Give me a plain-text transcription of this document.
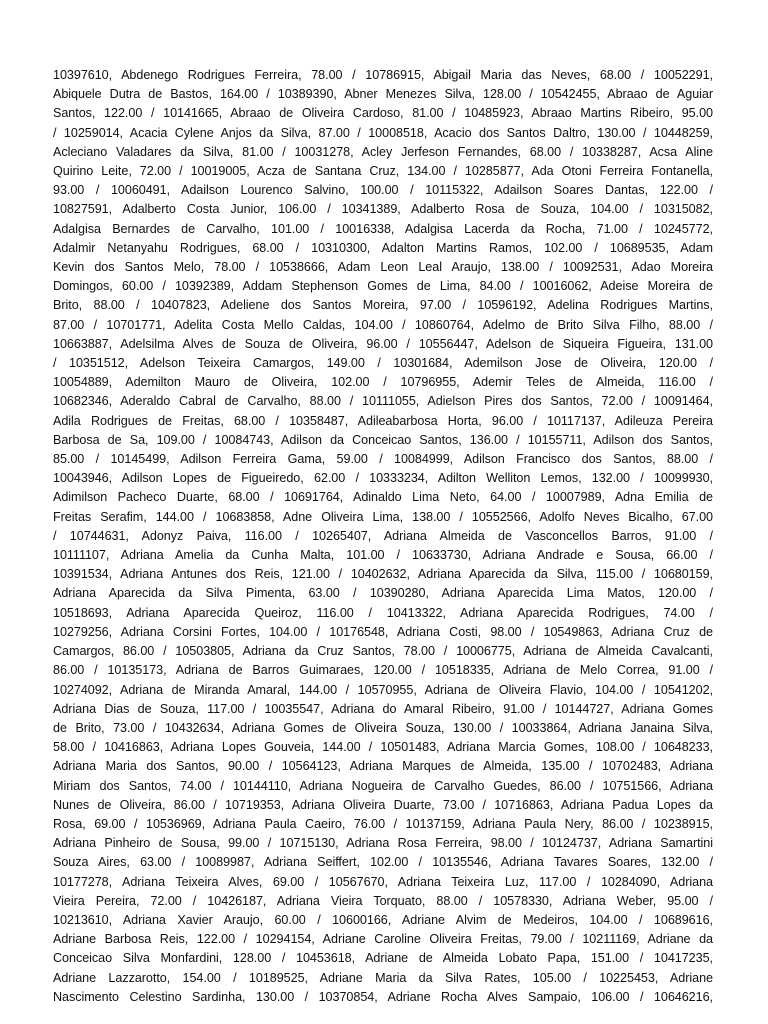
10397610, Abdenego Rodrigues Ferreira, 78.00 / 10786915, Abigail Maria das Neves, 68.00 / 10052291,
Abiquele Dutra de Bastos, 164.00 / 10389390, Abner Menezes Silva, 128.00 / 10542455, Abraao de Aguiar
Santos, 122.00 / 10141665, Abraao de Oliveira Cardoso, 81.00 / 10485923, Abraao Martins Ribeiro, 95.00
/ 10259014, Acacia Cylene Anjos da Silva, 87.00 / 10008518, Acacio dos Santos Daltro, 130.00 / 10448259,
Acleciano Valadares da Silva, 81.00 / 10031278, Acley Jerfeson Fernandes, 68.00 / 10338287, Acsa Aline
Quirino Leite, 72.00 / 10019005, Acza de Santana Cruz, 134.00 / 10285877, Ada Otoni Ferreira Fontanella,
93.00 / 10060491, Adailson Lourenco Salvino, 100.00 / 10115322, Adailson Soares Dantas, 122.00 /
10827591, Adalberto Costa Junior, 106.00 / 10341389, Adalberto Rosa de Souza, 104.00 / 10315082,
Adalgisa Bernardes de Carvalho, 101.00 / 10016338, Adalgisa Lacerda da Rocha, 71.00 / 10245772,
Adalmir Netanyahu Rodrigues, 68.00 / 10310300, Adalton Martins Ramos, 102.00 / 10689535, Adam
Kevin dos Santos Melo, 78.00 / 10538666, Adam Leon Leal Araujo, 138.00 / 10092531, Adao Moreira
Domingos, 60.00 / 10392389, Addam Stephenson Gomes de Lima, 84.00 / 10016062, Adeise Moreira de
Brito, 88.00 / 10407823, Adeliene dos Santos Moreira, 97.00 / 10596192, Adelina Rodrigues Martins,
87.00 / 10701771, Adelita Costa Mello Caldas, 104.00 / 10860764, Adelmo de Brito Silva Filho, 88.00 /
10663887, Adelsilma Alves de Souza de Oliveira, 96.00 / 10556447, Adelson de Siqueira Figueira, 131.00
/ 10351512, Adelson Teixeira Camargos, 149.00 / 10301684, Ademilson Jose de Oliveira, 120.00 /
10054889, Ademilton Mauro de Oliveira, 102.00 / 10796955, Ademir Teles de Almeida, 116.00 /
10682346, Aderaldo Cabral de Carvalho, 88.00 / 10111055, Adielson Pires dos Santos, 72.00 / 10091464,
Adila Rodrigues de Freitas, 68.00 / 10358487, Adileabarbosa Horta, 96.00 / 10117137, Adileuza Pereira
Barbosa de Sa, 109.00 / 10084743, Adilson da Conceicao Santos, 136.00 / 10155711, Adilson dos Santos,
85.00 / 10145499, Adilson Ferreira Gama, 59.00 / 10084999, Adilson Francisco dos Santos, 88.00 /
10043946, Adilson Lopes de Figueiredo, 62.00 / 10333234, Adilton Welliton Lemos, 132.00 / 10099930,
Adimilson Pacheco Duarte, 68.00 / 10691764, Adinaldo Lima Neto, 64.00 / 10007989, Adna Emilia de
Freitas Serafim, 144.00 / 10683858, Adne Oliveira Lima, 138.00 / 10552566, Adolfo Neves Bicalho, 67.00
/ 10744631, Adonyz Paiva, 116.00 / 10265407, Adriana Almeida de Vasconcellos Barros, 91.00 /
10111107, Adriana Amelia da Cunha Malta, 101.00 / 10633730, Adriana Andrade e Sousa, 66.00 /
10391534, Adriana Antunes dos Reis, 121.00 / 10402632, Adriana Aparecida da Silva, 115.00 / 10680159,
Adriana Aparecida da Silva Pimenta, 63.00 / 10390280, Adriana Aparecida Lima Matos, 120.00 /
10518693, Adriana Aparecida Queiroz, 116.00 / 10413322, Adriana Aparecida Rodrigues, 74.00 /
10279256, Adriana Corsini Fortes, 104.00 / 10176548, Adriana Costi, 98.00 / 10549863, Adriana Cruz de
Camargos, 86.00 / 10503805, Adriana da Cruz Santos, 78.00 / 10006775, Adriana de Almeida Cavalcanti,
86.00 / 10135173, Adriana de Barros Guimaraes, 120.00 / 10518335, Adriana de Melo Correa, 91.00 /
10274092, Adriana de Miranda Amaral, 144.00 / 10570955, Adriana de Oliveira Flavio, 104.00 / 10541202,
Adriana Dias de Souza, 117.00 / 10035547, Adriana do Amaral Ribeiro, 91.00 / 10144727, Adriana Gomes
de Brito, 73.00 / 10432634, Adriana Gomes de Oliveira Souza, 130.00 / 10033864, Adriana Janaina Silva,
58.00 / 10416863, Adriana Lopes Gouveia, 144.00 / 10501483, Adriana Marcia Gomes, 108.00 / 10648233,
Adriana Maria dos Santos, 90.00 / 10564123, Adriana Marques de Almeida, 135.00 / 10702483, Adriana
Miriam dos Santos, 74.00 / 10144110, Adriana Nogueira de Carvalho Guedes, 86.00 / 10751566, Adriana
Nunes de Oliveira, 86.00 / 10719353, Adriana Oliveira Duarte, 73.00 / 10716863, Adriana Padua Lopes da
Rosa, 69.00 / 10536969, Adriana Paula Caeiro, 76.00 / 10137159, Adriana Paula Nery, 86.00 / 10238915,
Adriana Pinheiro de Sousa, 99.00 / 10715130, Adriana Rosa Ferreira, 98.00 / 10124737, Adriana Samartini
Souza Aires, 63.00 / 10089987, Adriana Seiffert, 102.00 / 10135546, Adriana Tavares Soares, 132.00 /
10177278, Adriana Teixeira Alves, 69.00 / 10567670, Adriana Teixeira Luz, 117.00 / 10284090, Adriana
Vieira Pereira, 72.00 / 10426187, Adriana Vieira Torquato, 88.00 / 10578330, Adriana Weber, 95.00 /
10213610, Adriana Xavier Araujo, 60.00 / 10600166, Adriane Alvim de Medeiros, 104.00 / 10689616,
Adriane Barbosa Reis, 122.00 / 10294154, Adriane Caroline Oliveira Freitas, 79.00 / 10211169, Adriane da
Conceicao Silva Monfardini, 128.00 / 10453618, Adriane de Almeida Lobato Papa, 151.00 / 10417235,
Adriane Lazzarotto, 154.00 / 10189525, Adriane Maria da Silva Rates, 105.00 / 10225453, Adriane
Nascimento Celestino Sardinha, 130.00 / 10370854, Adriane Rocha Alves Sampaio, 106.00 / 10646216,
